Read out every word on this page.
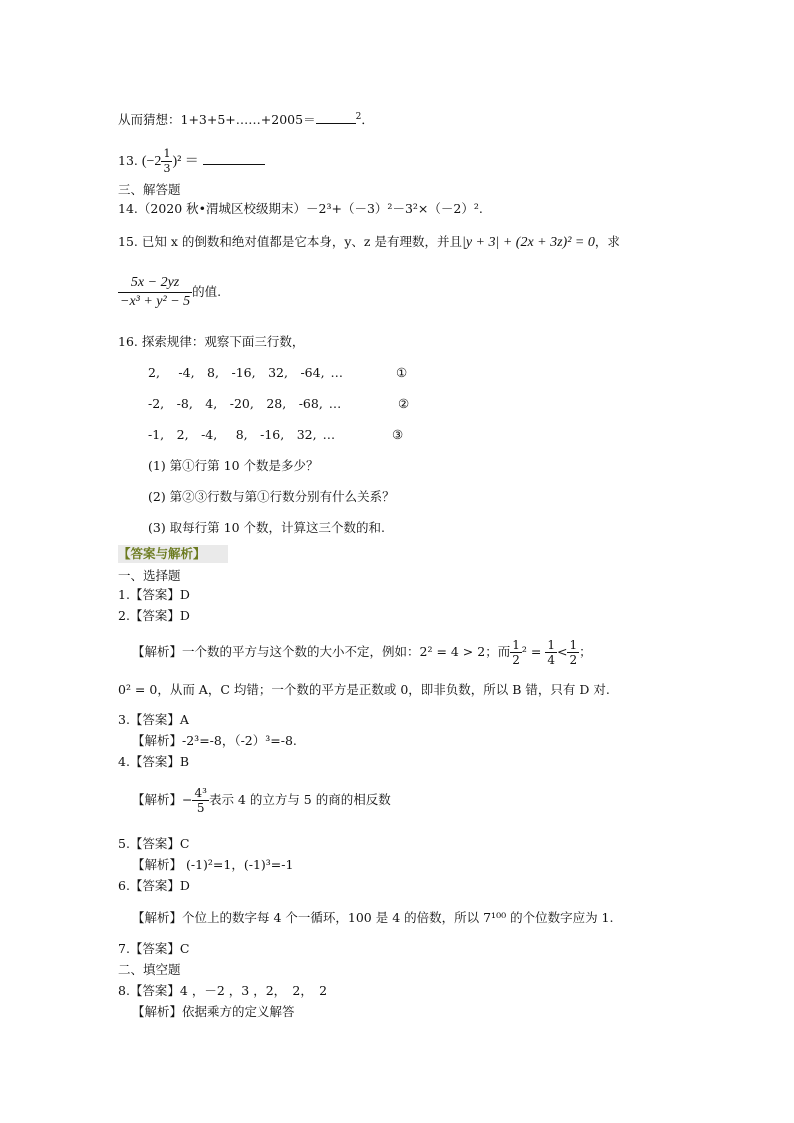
从而猜想：1+3+5+……+2005＝	$^2$．
13. $(-2 \frac{1}{3} )^2$ ＝
三、解答题
14.（2020 秋•渭城区校级期末）－2³+（－3）²－3²×（－2）².
15. 已知 x 的倒数和绝对值都是它本身，y、z 是有理数，并且|y + 3| + (2x + 3z)² = 0，求
$\frac{5x - 2yz}{\text{−x³ + y² − 5}}$ 的值.
16. 探索规律：观察下面三行数，
2,　 -4,　8,　-16,　32,　-64, …	①
-2,　-8,　4,　-20,　28,　-68, …	②
-1,　2,　-4,　 8,　-16,　32, …	③
(1) 第①行第 10 个数是多少？
(2) 第②③行数与第①行数分别有什么关系？
(3) 取每行第 10 个数，计算这三个数的和.
【答案与解析】
一、选择题
1.【答案】D
2.【答案】D
【解析】一个数的平方与这个数的大小不定，例如：2² = 4 > 2；而 $\frac{1}{2} ^2 = \frac{1}{4} < \frac{1}{2}$ ；
0² = 0，从而 A，C 均错；一个数的平方是正数或 0，即非负数，所以 B 错，只有 D 对.
3.【答案】A
【解析】-2³=-8，（-2）³=-8.
4.【答案】B
【解析】− $\frac{\text{4³}}{5}$ 表示 4 的立方与 5 的商的相反数
5.【答案】C
【解析】 (-1)²=1，(-1)³=-1
6.【答案】D
【解析】个位上的数字每 4 个一循环，100 是 4 的倍数，所以 7¹⁰⁰ 的个位数字应为 1.
7.【答案】C
二、填空题
8.【答案】4 ，－2 ，3 ，2，　2，　2
【解析】依据乘方的定义解答
